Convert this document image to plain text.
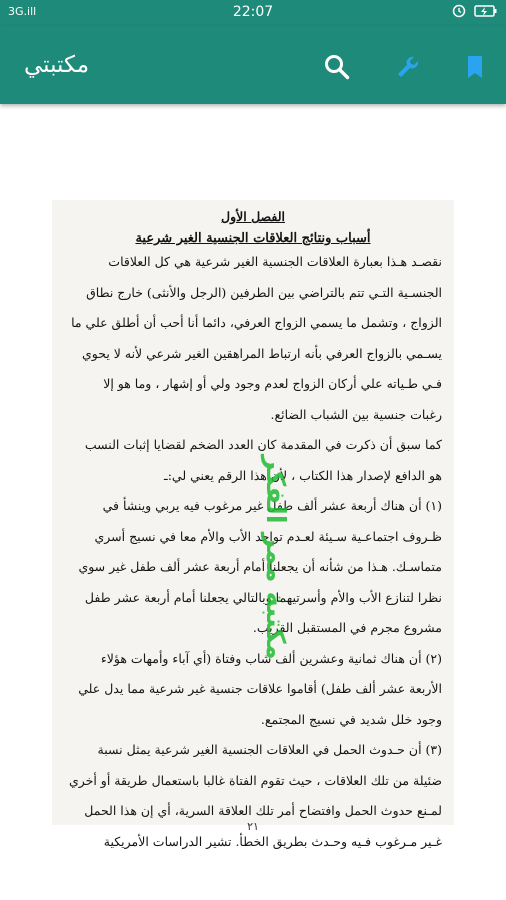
3G.ill	22:07
مكتبتي
الفصل الأول
أسباب ونتائج العلاقات الجنسية الغير شرعية
نقصـد هـذا بعبارة العلاقات الجنسية الغير شرعية هي كل العلاقات
الجنسـية التـي تتم بالتراضي بين الطرفين (الرجل والأنثى) خارج نطاق
الزواج ، وتشمل ما يسمي الزواج العرفي، دائما أنا أحب أن أطلق علي ما
يسـمي بالزواج العرفي بأنه ارتباط المراهقين الغير شرعي لأنه لا يحوي
فـي طـياته علي أركان الزواج لعدم وجود ولي أو إشهار ، وما هو إلا
رغبات جنسية بين الشباب الضائع.
كما سبق أن ذكرت في المقدمة كان العدد الضخم لقضايا إثبات النسب
هو الدافع لإصدار هذا الكتاب ، لأن هذا الرقم يعني لي:ـ
(١) أن هناك أربعة عشر ألف طفل غير مرغوب فيه يربي وينشأ في
ظـروف اجتماعـية سـيئة لعـدم تواجد الأب والأم معا في نسيج أسري
متماسـك. هـذا من شأنه أن يجعلنا أمام أربعة عشر ألف طفل غير سوي
نظرا لتنازع الأب والأم وأسرتيهما وبالتالي يجعلنا أمام أربعة عشر طفل
مشروع مجرم في المستقبل القريب.
(٢) أن هناك ثمانية وعشرين ألف شاب وفتاة (أي آباء وأمهات هؤلاء
الأربعة عشر ألف طفل) أقاموا علاقات جنسية غير شرعية مما يدل علي
وجود خلل شديد في نسيج المجتمع.
(٣) أن حـدوث الحمل في العلاقات الجنسية الغير شرعية يمثل نسبة
ضئيلة من تلك العلاقات ، حيث تقوم الفتاة غالبا باستعمال طريقة أو أخري
لمـنع حدوث الحمل وافتضاح أمر تلك العلاقة السرية، أي إن هذا الحمل
غـير مـرغوب فـيه وحـدث بطريق الخطأ. تشير الدراسات الأمريكية
٢١
مكتبة ممر الفكر
